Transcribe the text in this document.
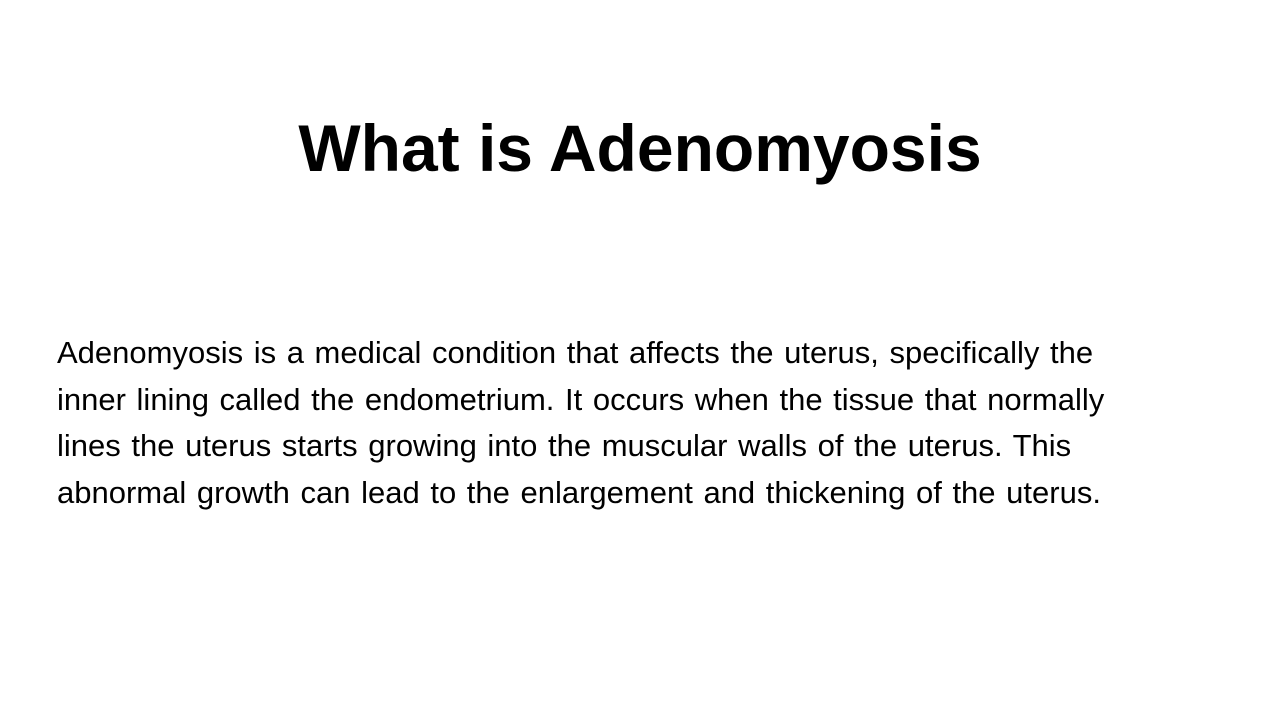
What is Adenomyosis
Adenomyosis is a medical condition that affects the uterus, specifically the
inner lining called the endometrium. It occurs when the tissue that normally
lines the uterus starts growing into the muscular walls of the uterus. This
abnormal growth can lead to the enlargement and thickening of the uterus.
